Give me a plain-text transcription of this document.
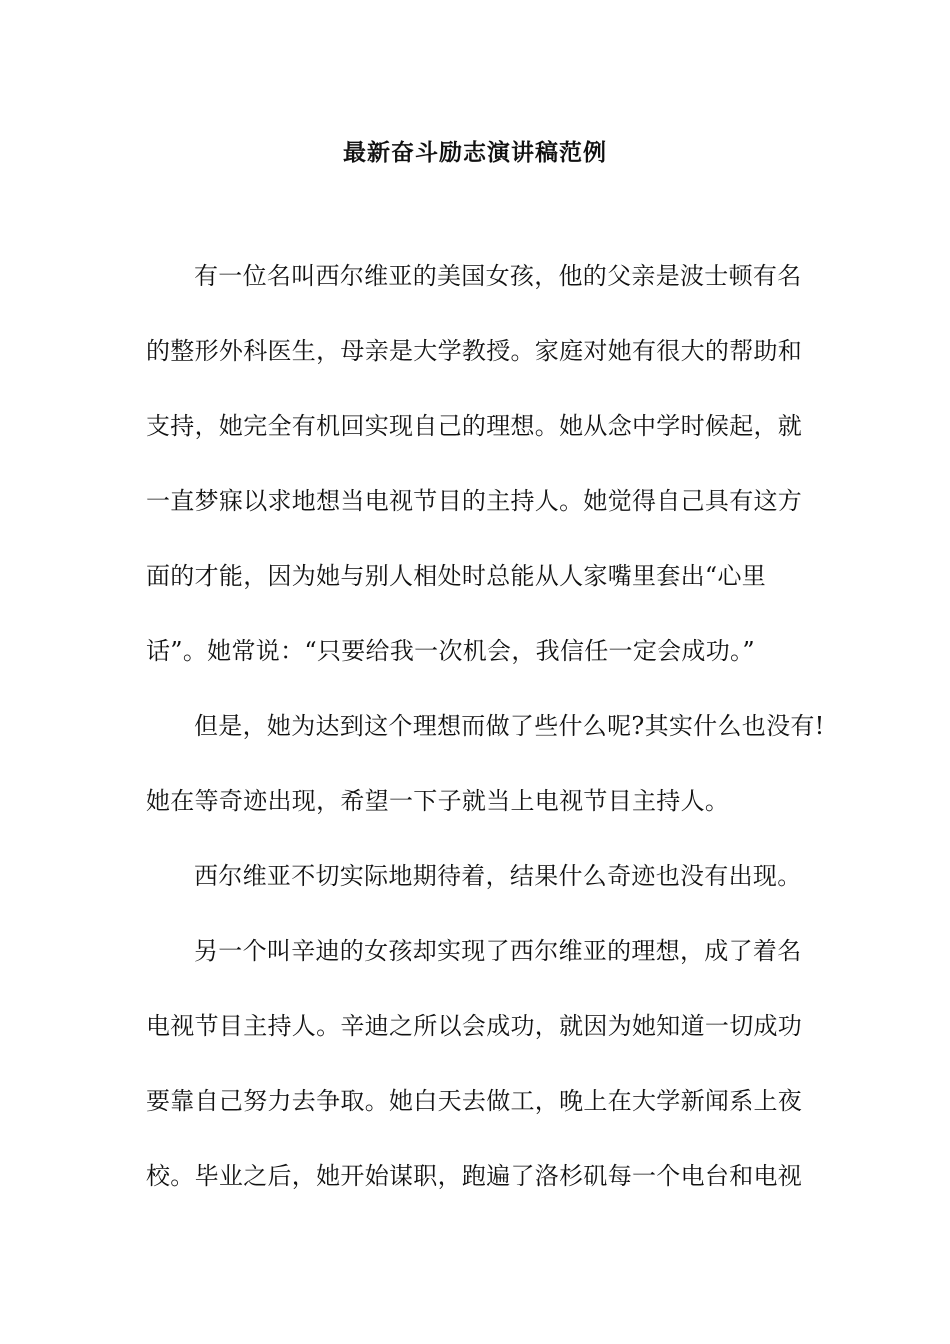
最新奋斗励志演讲稿范例
有一位名叫西尔维亚的美国女孩，他的父亲是波士顿有名
的整形外科医生，母亲是大学教授。家庭对她有很大的帮助和
支持，她完全有机回实现自己的理想。她从念中学时候起，就
一直梦寐以求地想当电视节目的主持人。她觉得自己具有这方
面的才能，因为她与别人相处时总能从人家嘴里套出“心里
话”。她常说：“只要给我一次机会，我信任一定会成功。”
但是，她为达到这个理想而做了些什么呢?其实什么也没有!
她在等奇迹出现，希望一下子就当上电视节目主持人。
西尔维亚不切实际地期待着，结果什么奇迹也没有出现。
另一个叫辛迪的女孩却实现了西尔维亚的理想，成了着名
电视节目主持人。辛迪之所以会成功，就因为她知道一切成功
要靠自己努力去争取。她白天去做工，晚上在大学新闻系上夜
校。毕业之后，她开始谋职，跑遍了洛杉矶每一个电台和电视
